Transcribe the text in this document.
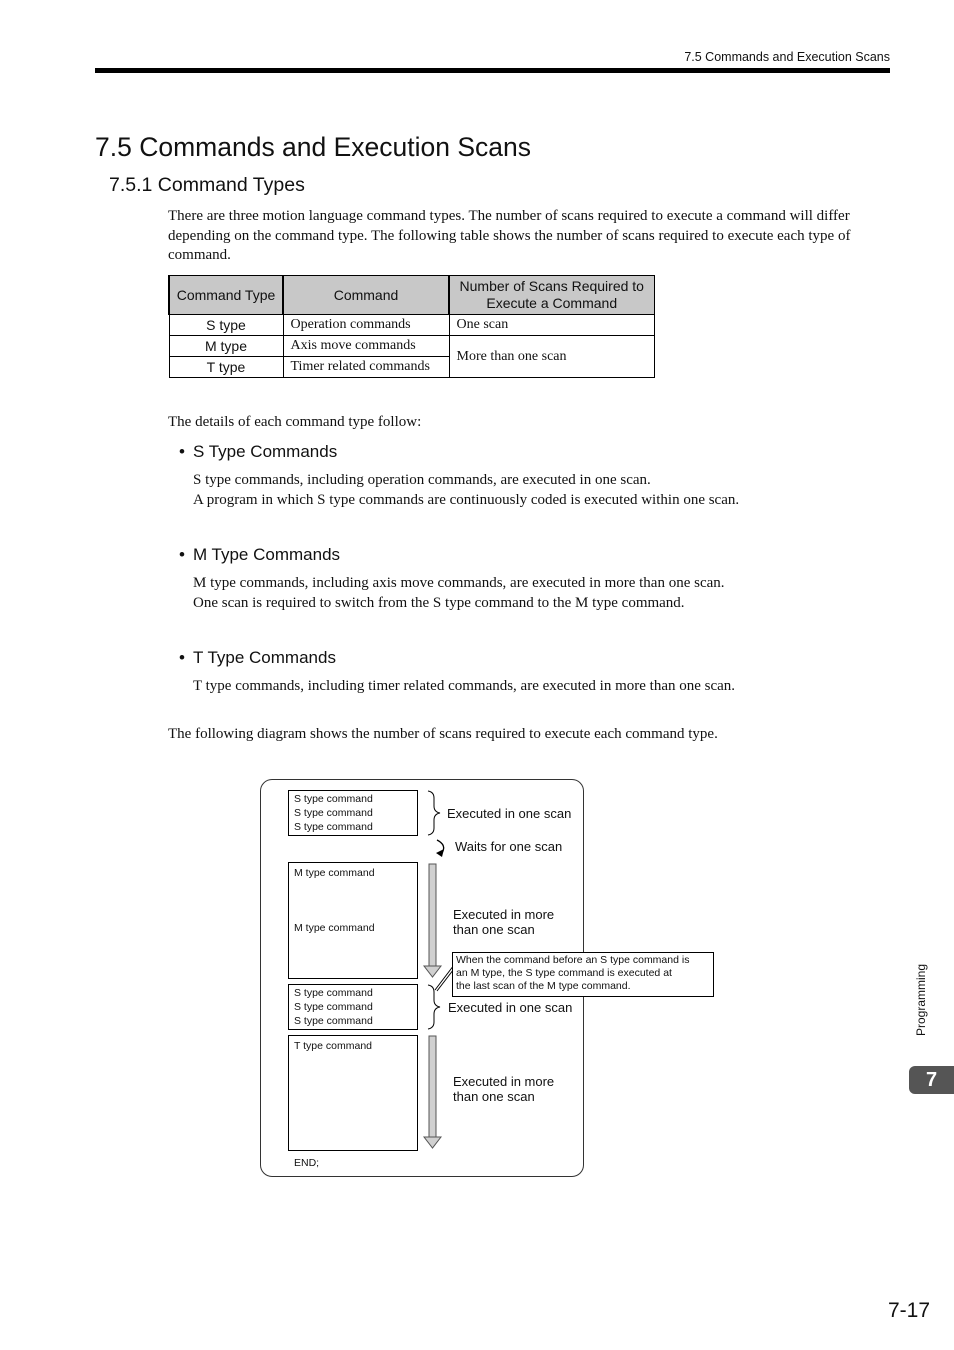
7.5 Commands and Execution Scans
7.5 Commands and Execution Scans
7.5.1 Command Types

There are three motion language command types. The number of scans required to execute a command will differ depending on the command type. The following table shows the number of scans required to execute each type of command.

Command Type	Command	Number of Scans Required to Execute a Command
S type	Operation commands	One scan
M type	Axis move commands	More than one scan
T type	Timer related commands	

The details of each command type follow:

• S Type Commands

S type commands, including operation commands, are executed in one scan.
A program in which S type commands are continuously coded is executed within one scan.

• M Type Commands

M type commands, including axis move commands, are executed in more than one scan.
One scan is required to switch from the S type command to the M type command.

• T Type Commands

T type commands, including timer related commands, are executed in more than one scan.

The following diagram shows the number of scans required to execute each command type.

S type command
S type command
S type command
M type command
M type command
S type command
S type command
S type command
T type command
END;
Executed in one scan
Waits for one scan
Executed in more
than one scan
When the command before an S type command is
an M type, the S type command is executed at
the last scan of the M type command.
Executed in one scan
Executed in more
than one scan
Programming
7
7-17
